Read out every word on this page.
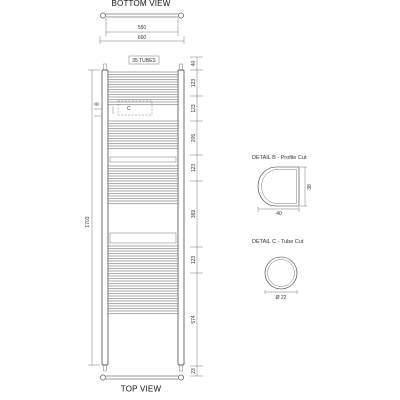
BOTTOM VIEW
550
600
35 TUBES
1703
B
C
40
123
123
205
123
369
123
574
23
TOP VIEW
DETAIL B - Profile Cut
38
40
DETAIL C - Tube Cut
Ø 22
